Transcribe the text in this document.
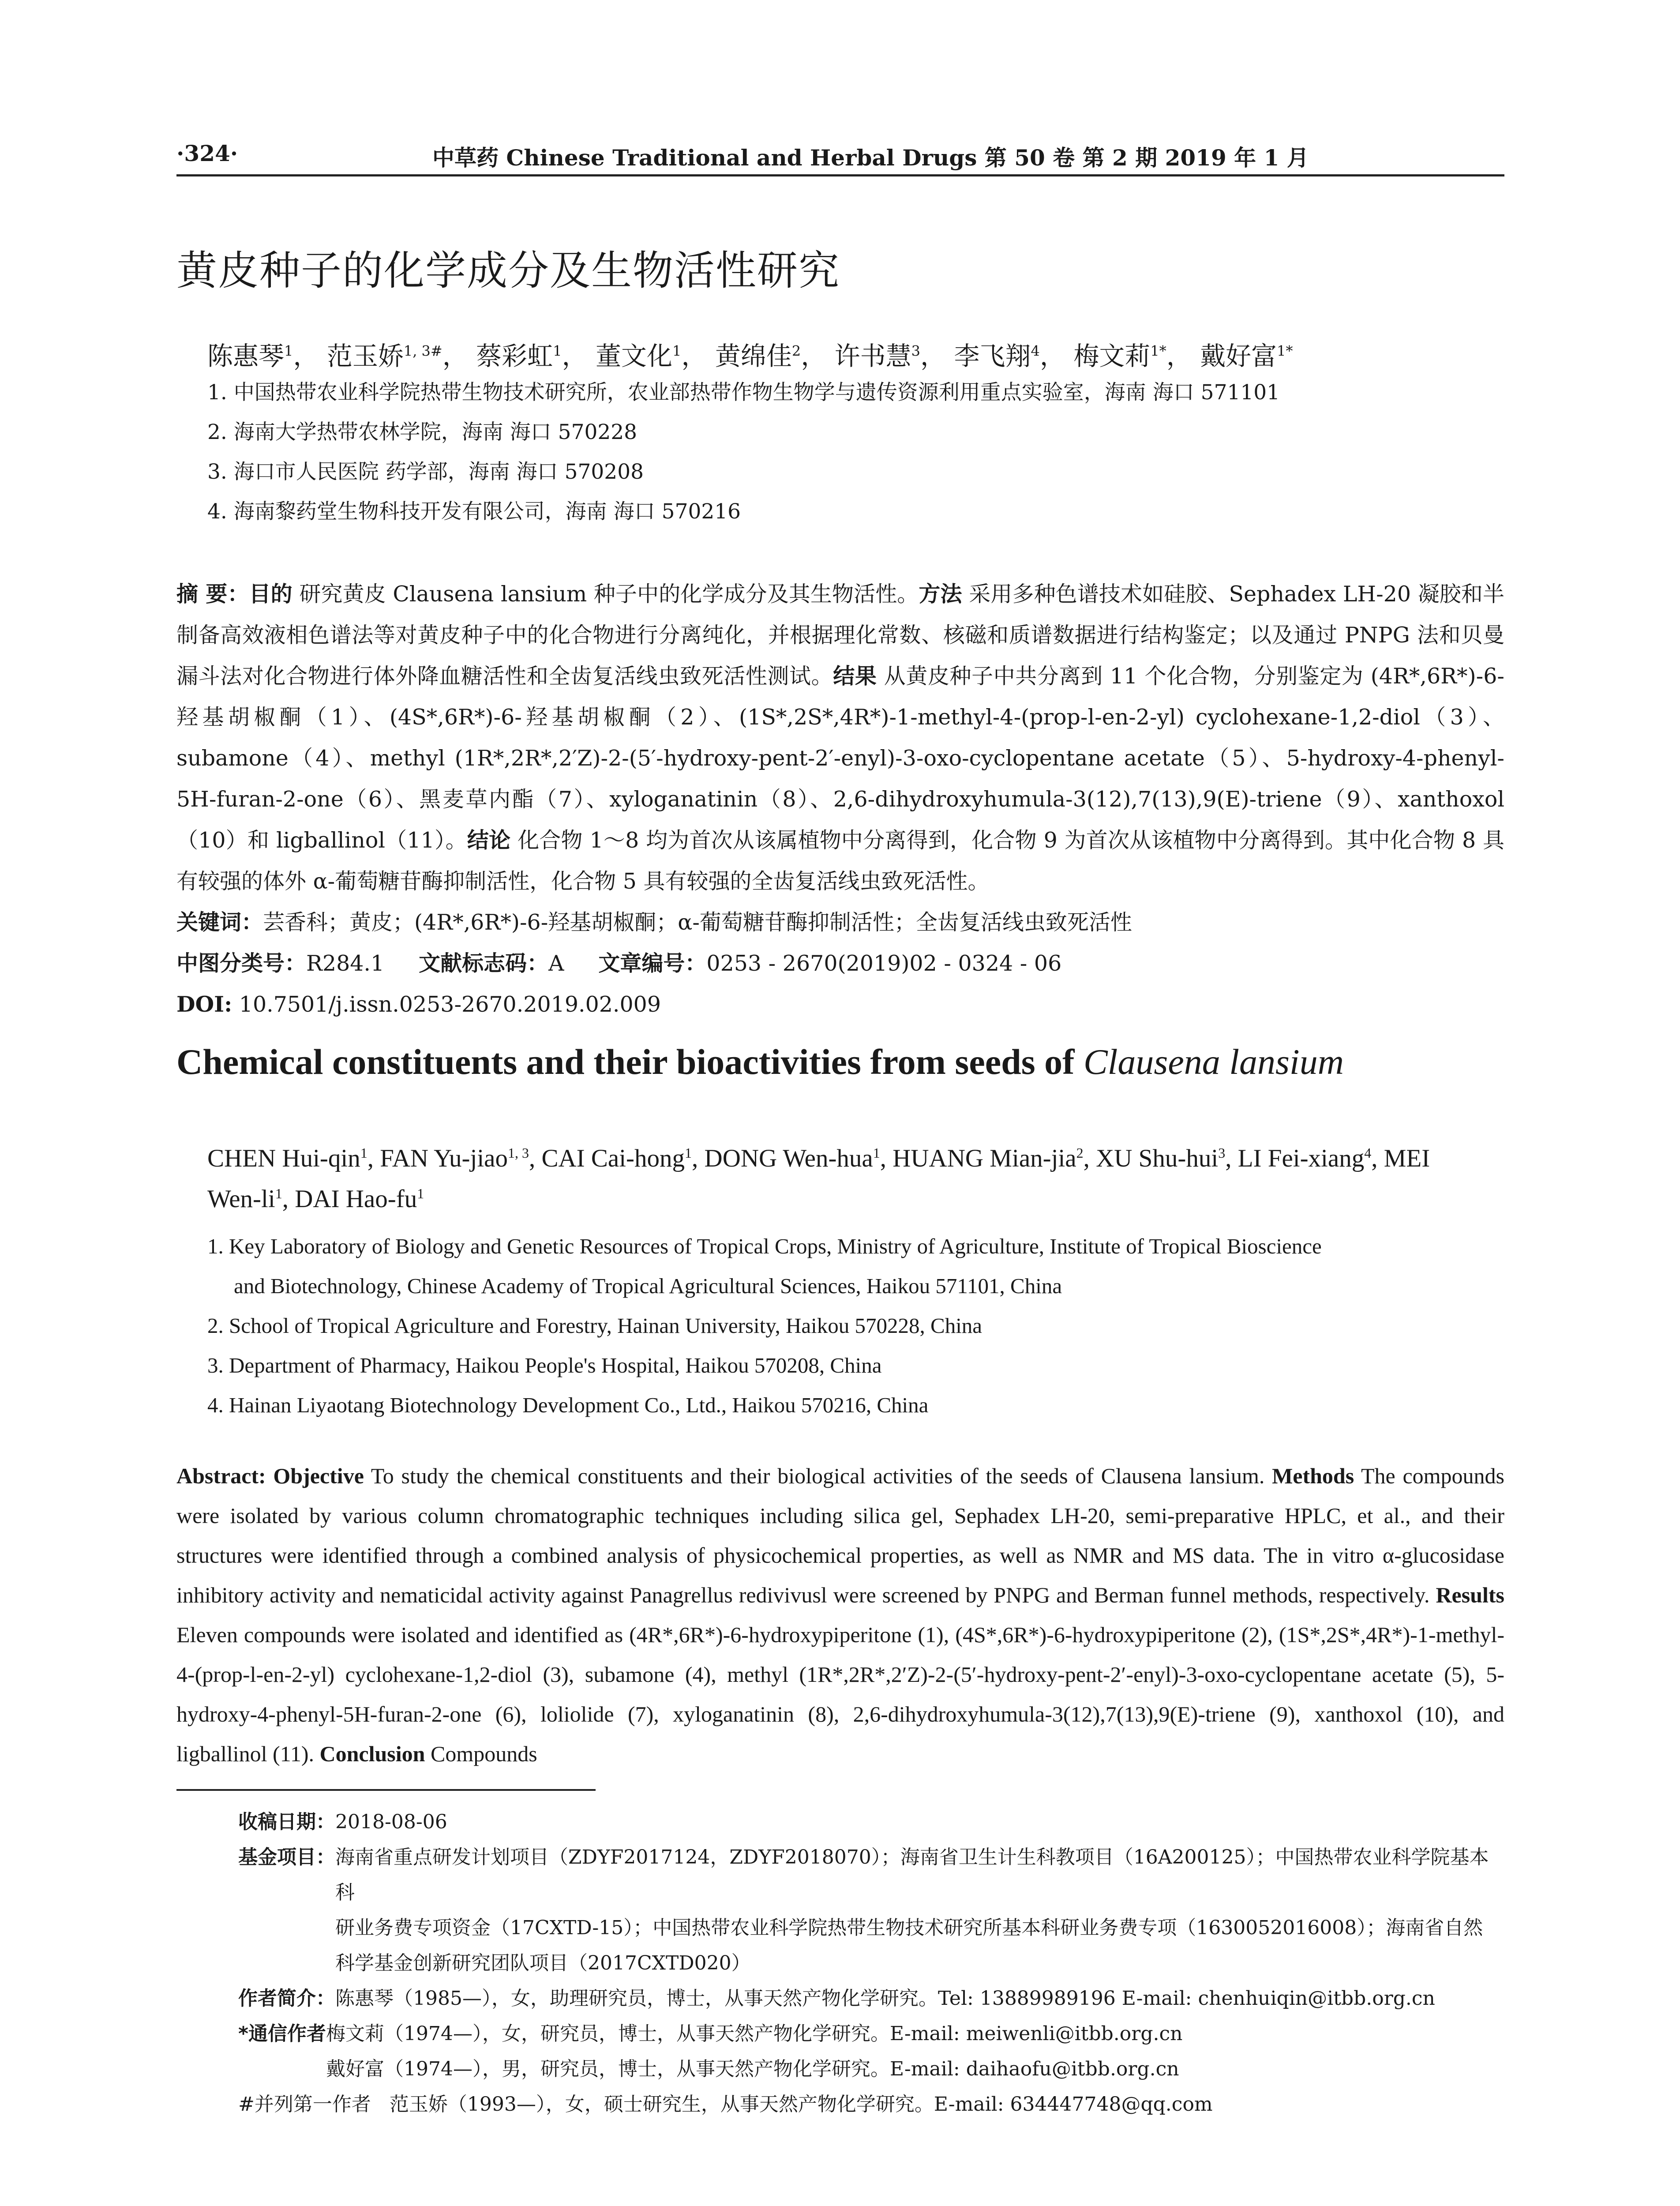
·324·	中草药 Chinese Traditional and Herbal Drugs 第 50 卷 第 2 期 2019 年 1 月
黄皮种子的化学成分及生物活性研究
陈惠琴$^1$， 范玉娇$^{1, 3\#}$， 蔡彩虹$^1$， 董文化$^1$， 黄绵佳$^2$， 许书慧$^3$， 李飞翔$^4$， 梅文莉$^{1*}$， 戴好富$^{1*}$
1. 中国热带农业科学院热带生物技术研究所，农业部热带作物生物学与遗传资源利用重点实验室，海南 海口 571101
2. 海南大学热带农林学院，海南 海口 570228
3. 海口市人民医院 药学部，海南 海口 570208
4. 海南黎药堂生物科技开发有限公司，海南 海口 570216

摘 要：目的 研究黄皮 Clausena lansium 种子中的化学成分及其生物活性。方法 采用多种色谱技术如硅胶、Sephadex LH-20 凝胶和半制备高效液相色谱法等对黄皮种子中的化合物进行分离纯化，并根据理化常数、核磁和质谱数据进行结构鉴定；以及通过 PNPG 法和贝曼漏斗法对化合物进行体外降血糖活性和全齿复活线虫致死活性测试。结果 从黄皮种子中共分离到 11 个化合物，分别鉴定为 (4R*,6R*)-6-羟基胡椒酮（1）、(4S*,6R*)-6-羟基胡椒酮（2）、(1S*,2S*,4R*)-1-methyl-4-(prop-l-en-2-yl) cyclohexane-1,2-diol（3）、subamone（4）、methyl (1R*,2R*,2′Z)-2-(5′-hydroxy-pent-2′-enyl)-3-oxo-cyclopentane acetate（5）、5-hydroxy-4-phenyl-5H-furan-2-one（6）、黑麦草内酯（7）、xyloganatinin（8）、2,6-dihydroxyhumula-3(12),7(13),9(E)-triene（9）、xanthoxol（10）和 ligballinol（11）。结论 化合物 1～8 均为首次从该属植物中分离得到，化合物 9 为首次从该植物中分离得到。其中化合物 8 具有较强的体外 α-葡萄糖苷酶抑制活性，化合物 5 具有较强的全齿复活线虫致死活性。

关键词：芸香科；黄皮；(4R*,6R*)-6-羟基胡椒酮；α-葡萄糖苷酶抑制活性；全齿复活线虫致死活性

中图分类号：R284.1 文献标志码：A 文章编号：0253 - 2670(2019)02 - 0324 - 06

DOI: 10.7501/j.issn.0253-2670.2019.02.009

Chemical constituents and their bioactivities from seeds of Clausena lansium
CHEN Hui-qin$^1$, FAN Yu-jiao$^{1, 3}$, CAI Cai-hong$^1$, DONG Wen-hua$^1$, HUANG Mian-jia$^2$, XU Shu-hui$^3$, LI Fei-xiang$^4$, MEI Wen-$li^1$, DAI Hao-$fu^1$
1. Key Laboratory of Biology and Genetic Resources of Tropical Crops, Ministry of Agriculture, Institute of Tropical Bioscience
and Biotechnology, Chinese Academy of Tropical Agricultural Sciences, Haikou 571101, China
2. School of Tropical Agriculture and Forestry, Hainan University, Haikou 570228, China
3. Department of Pharmacy, Haikou People's Hospital, Haikou 570208, China
4. Hainan Liyaotang Biotechnology Development Co., Ltd., Haikou 570216, China
Abstract: Objective To study the chemical constituents and their biological activities of the seeds of Clausena lansium. Methods The compounds were isolated by various column chromatographic techniques including silica gel, Sephadex LH-20, semi-preparative HPLC, et al., and their structures were identified through a combined analysis of physicochemical properties, as well as NMR and MS data. The in vitro α-glucosidase inhibitory activity and nematicidal activity against Panagrellus redivivusl were screened by PNPG and Berman funnel methods, respectively. Results Eleven compounds were isolated and identified as (4R*,6R*)-6-hydroxypiperitone (1), (4S*,6R*)-6-hydroxypiperitone (2), (1S*,2S*,4R*)-1-methyl-4-(prop-l-en-2-yl) cyclohexane-1,2-diol (3), subamone (4), methyl (1R*,2R*,2′Z)-2-(5′-hydroxy-pent-2′-enyl)-3-oxo-cyclopentane acetate (5), 5-hydroxy-4-phenyl-5H-furan-2-one (6), loliolide (7), xyloganatinin (8), 2,6-dihydroxyhumula-3(12),7(13),9(E)-triene (9), xanthoxol (10), and ligballinol (11). Conclusion Compounds

收稿日期： 2018-08-06

基金项目： 海南省重点研发计划项目（ZDYF2017124，ZDYF2018070）；海南省卫生计生科教项目（16A200125）；中国热带农业科学院基本科
研业务费专项资金（17CXTD-15）；中国热带农业科学院热带生物技术研究所基本科研业务费专项（1630052016008）；海南省自然
科学基金创新研究团队项目（2017CXTD020）

作者简介： 陈惠琴（1985—），女，助理研究员，博士，从事天然产物化学研究。Tel: 13889989196 E-mail: chenhuiqin@itbb.org.cn

*通信作者 梅文莉（1974—），女，研究员，博士，从事天然产物化学研究。E-mail: meiwenli@itbb.org.cn
戴好富（1974—），男，研究员，博士，从事天然产物化学研究。E-mail: daihaofu@itbb.org.cn

#并列第一作者
范玉娇（1993—），女，硕士研究生，从事天然产物化学研究。E-mail: 634447748@qq.com
